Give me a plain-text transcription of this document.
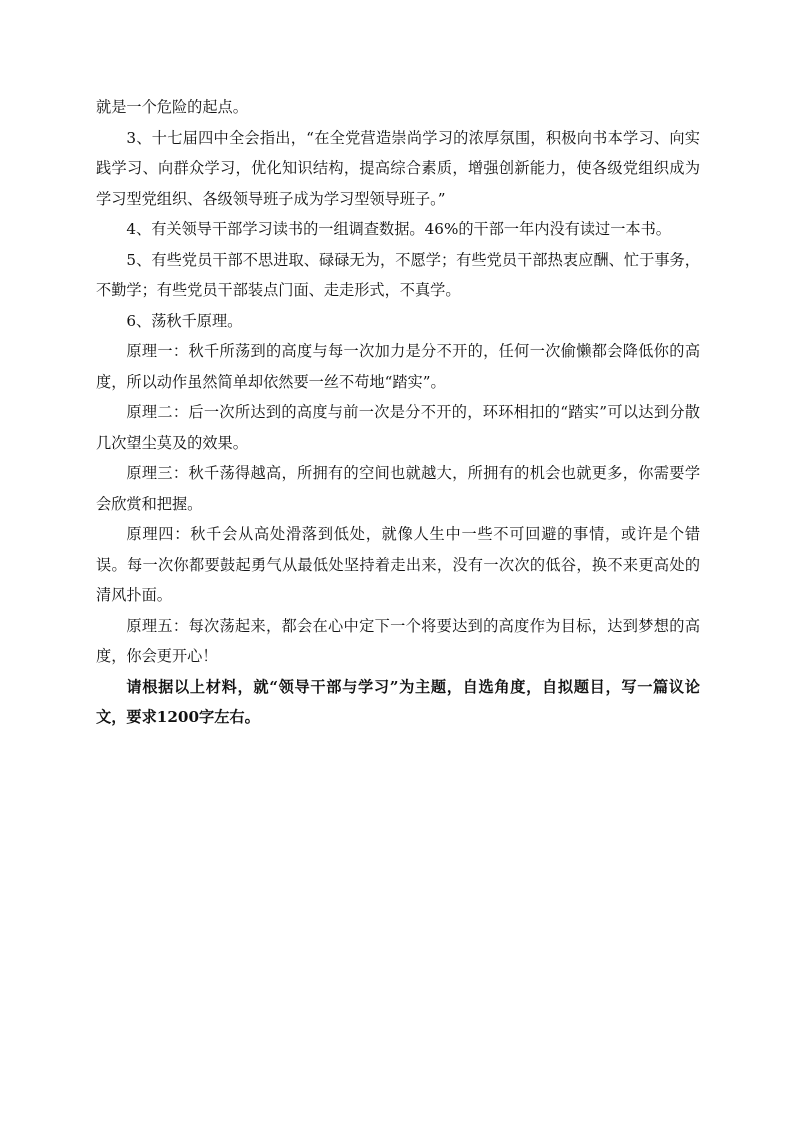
就是一个危险的起点。

3、十七届四中全会指出，“在全党营造崇尚学习的浓厚氛围，积极向书本学习、向实践学习、向群众学习，优化知识结构，提高综合素质，增强创新能力，使各级党组织成为学习型党组织、各级领导班子成为学习型领导班子。”

4、有关领导干部学习读书的一组调查数据。46%的干部一年内没有读过一本书。

5、有些党员干部不思进取、碌碌无为，不愿学；有些党员干部热衷应酬、忙于事务，不勤学；有些党员干部装点门面、走走形式，不真学。

6、荡秋千原理。

原理一：秋千所荡到的高度与每一次加力是分不开的，任何一次偷懒都会降低你的高度，所以动作虽然简单却依然要一丝不苟地“踏实”。

原理二：后一次所达到的高度与前一次是分不开的，环环相扣的“踏实”可以达到分散几次望尘莫及的效果。

原理三：秋千荡得越高，所拥有的空间也就越大，所拥有的机会也就更多，你需要学会欣赏和把握。

原理四：秋千会从高处滑落到低处，就像人生中一些不可回避的事情，或许是个错误。每一次你都要鼓起勇气从最低处坚持着走出来，没有一次次的低谷，换不来更高处的清风扑面。

原理五：每次荡起来，都会在心中定下一个将要达到的高度作为目标，达到梦想的高度，你会更开心！

请根据以上材料，就“领导干部与学习”为主题，自选角度，自拟题目，写一篇议论文，要求1200字左右。
